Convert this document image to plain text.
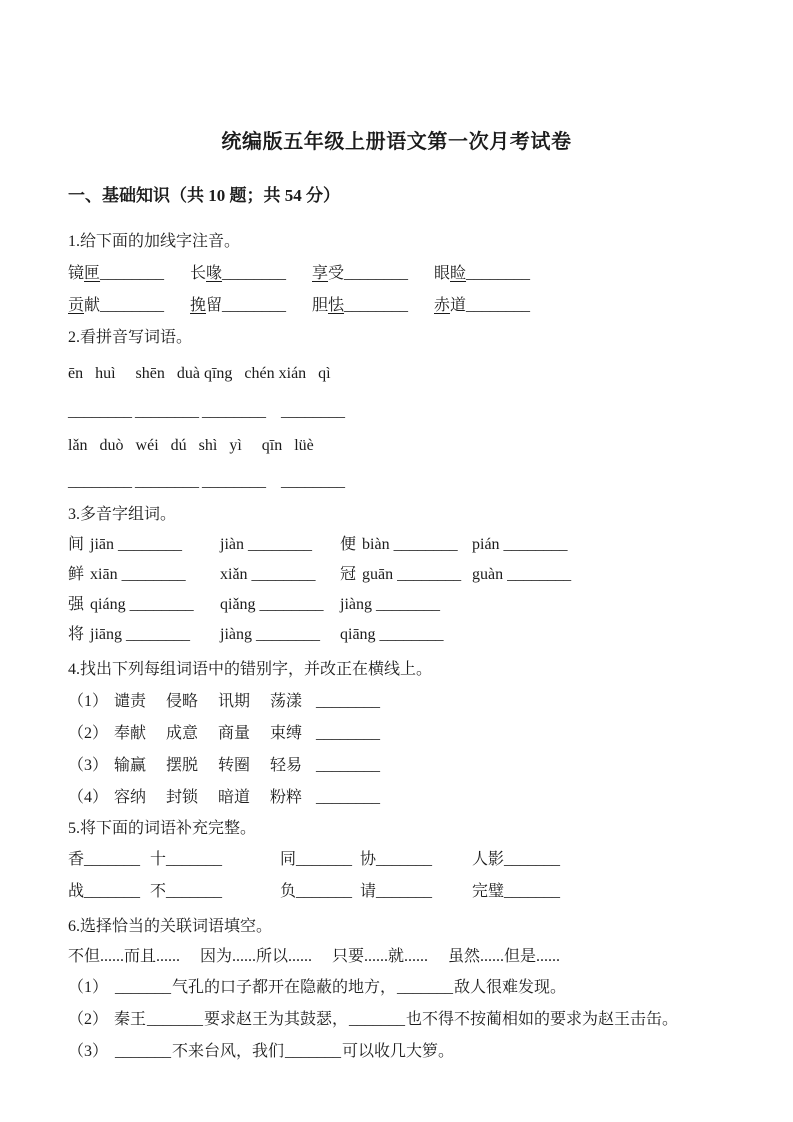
统编版五年级上册语文第一次月考试卷
一、基础知识（共 10 题；共 54 分）
1.给下面的加线字注音。
镜匣________ 长喙________ 享受________ 眼睑________
贡献________ 挽留________ 胆怯________ 赤道________
2.看拼音写词语。
ēn   huì     shēn   duà qīng   chén xián   qì
________ ________ ________ ________
lǎn   duò   wéi   dú   shì   yì     qīn   lüè
________ ________ ________ ________
3.多音字组词。
间 jiān ________ jiàn ________ 便 biàn ________ pián ________
鲜 xiān ________ xiǎn ________ 冠 guān ________ guàn ________
强 qiáng ________ qiǎng ________ jiàng ________
将 jiāng ________ jiàng ________ qiāng ________
4.找出下列每组词语中的错别字，并改正在横线上。
（1） 谴责　 侵略　 讯期　 荡漾 ________
（2） 奉献　 成意　 商量　 束缚 ________
（3） 输赢　 摆脱　 转圈　 轻易 ________
（4） 容纳　 封锁　 暗道　 粉粹 ________
5.将下面的词语补充完整。
香_______ 十_______	同_______ 协_______ 人影_______
战_______ 不_______	负_______ 请_______ 完璧_______
6.选择恰当的关联词语填空。
不但......而且......　 因为......所以......　 只要......就......　 虽然......但是......
（1） _______气孔的口子都开在隐蔽的地方，_______敌人很难发现。
（2） 秦王_______要求赵王为其鼓瑟，_______也不得不按蔺相如的要求为赵王击缶。
（3） _______不来台风，我们_______可以收几大箩。
